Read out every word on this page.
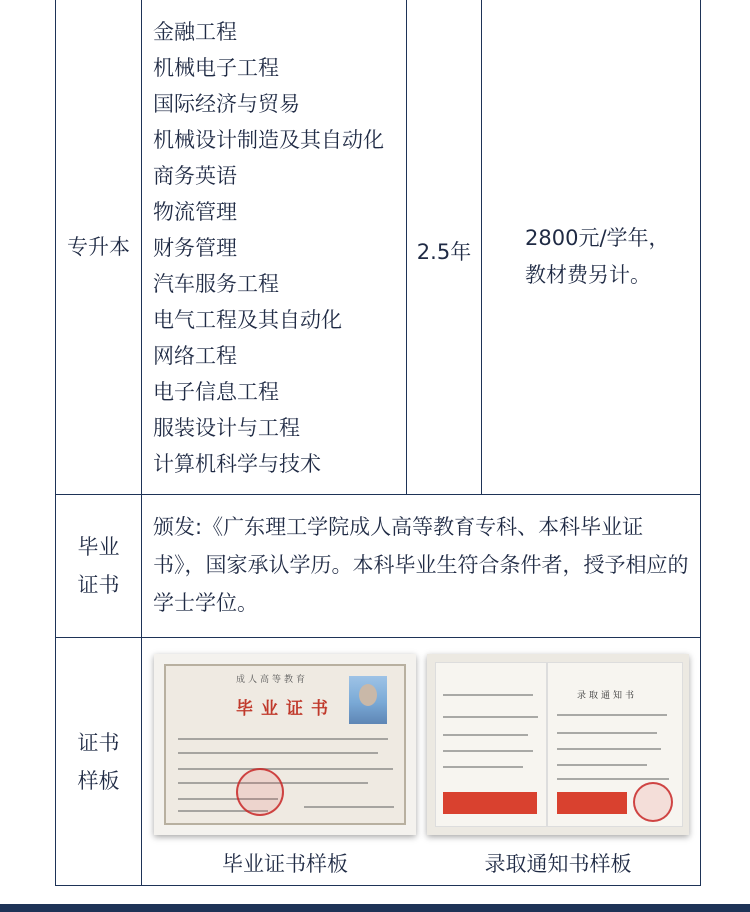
专升本
金融工程
机械电子工程
国际经济与贸易
机械设计制造及其自动化
商务英语
物流管理
财务管理
汽车服务工程
电气工程及其自动化
网络工程
电子信息工程
服装设计与工程
计算机科学与技术
2.5年
2800元/学年，
教材费另计。
毕业
证书
颁发:《广东理工学院成人高等教育专科、本科毕业证书》，国家承认学历。本科毕业生符合条件者，授予相应的学士学位。
证书
样板
成人高等教育
毕业证书
录取通知书
毕业证书样板	录取通知书样板
